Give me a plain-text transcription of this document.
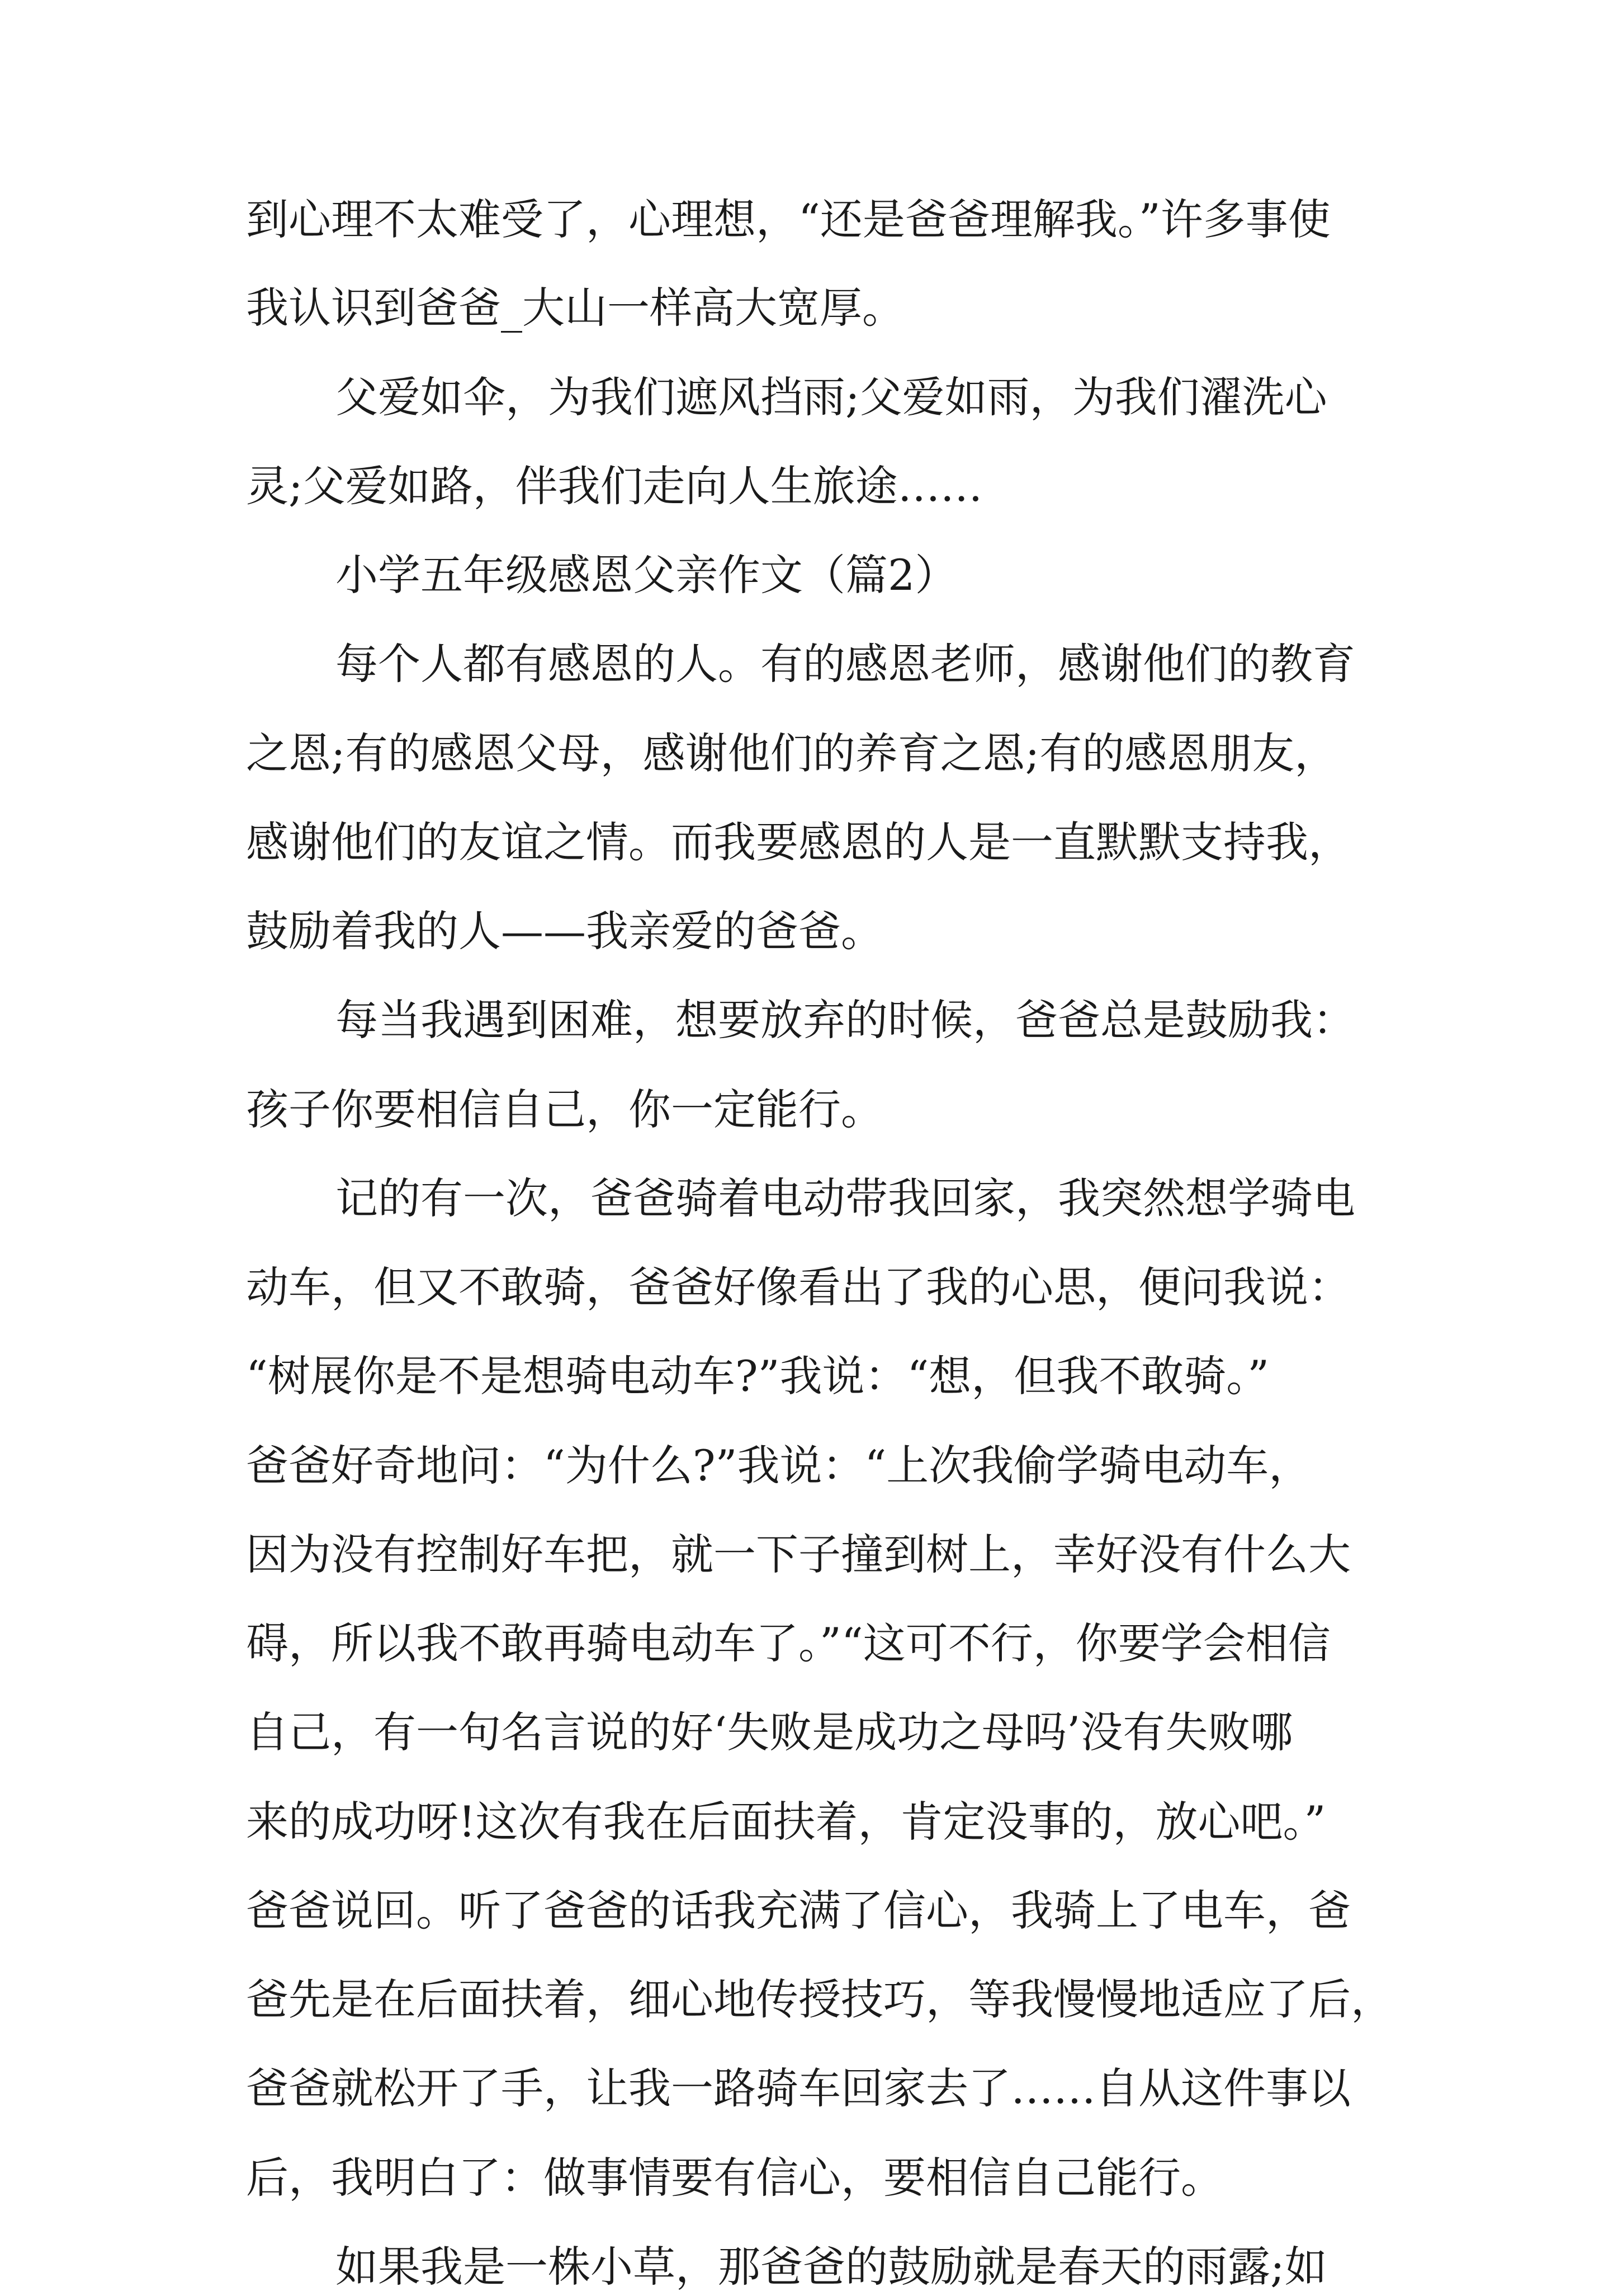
到心理不太难受了，心理想，“还是爸爸理解我。”许多事使
我认识到爸爸_大山一样高大宽厚。
父爱如伞，为我们遮风挡雨;父爱如雨，为我们濯洗心
灵;父爱如路，伴我们走向人生旅途……
小学五年级感恩父亲作文（篇2）
每个人都有感恩的人。有的感恩老师，感谢他们的教育
之恩;有的感恩父母，感谢他们的养育之恩;有的感恩朋友，
感谢他们的友谊之情。而我要感恩的人是一直默默支持我，
鼓励着我的人——我亲爱的爸爸。
每当我遇到困难，想要放弃的时候，爸爸总是鼓励我：
孩子你要相信自己，你一定能行。
记的有一次，爸爸骑着电动带我回家，我突然想学骑电
动车，但又不敢骑，爸爸好像看出了我的心思，便问我说：
“树展你是不是想骑电动车?”我说：“想，但我不敢骑。”
爸爸好奇地问：“为什么?”我说：“上次我偷学骑电动车，
因为没有控制好车把，就一下子撞到树上，幸好没有什么大
碍，所以我不敢再骑电动车了。”“这可不行，你要学会相信
自己，有一句名言说的好‘失败是成功之母吗’没有失败哪
来的成功呀!这次有我在后面扶着，肯定没事的，放心吧。”
爸爸说回。听了爸爸的话我充满了信心，我骑上了电车，爸
爸先是在后面扶着，细心地传授技巧，等我慢慢地适应了后，
爸爸就松开了手，让我一路骑车回家去了……自从这件事以
后，我明白了：做事情要有信心，要相信自己能行。
如果我是一株小草，那爸爸的鼓励就是春天的雨露;如
